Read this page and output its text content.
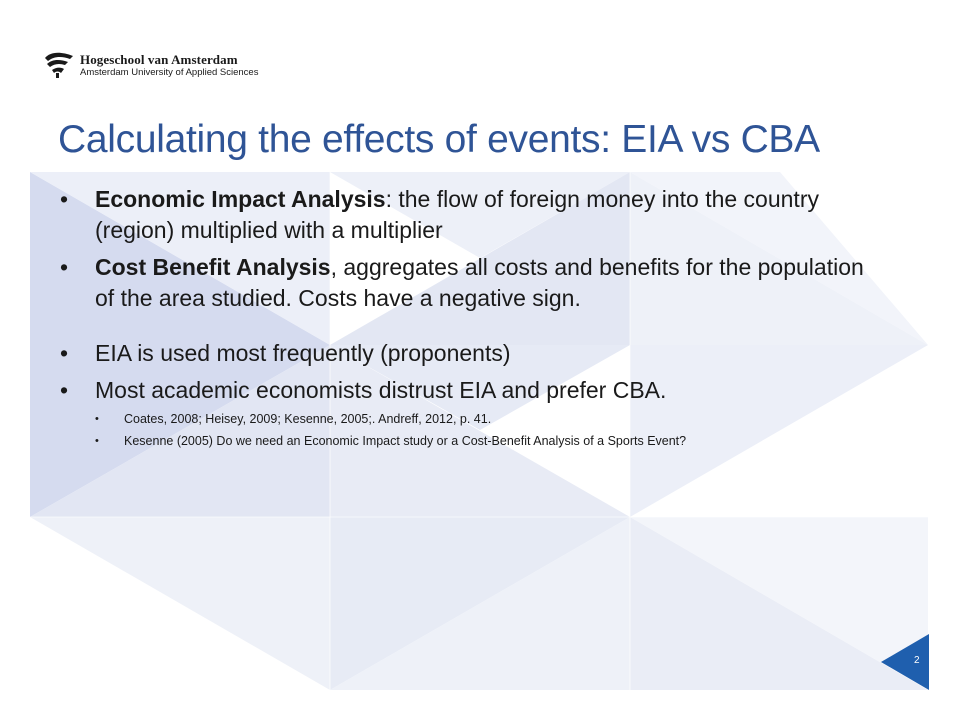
Hogeschool van Amsterdam
Amsterdam University of Applied Sciences
Calculating the effects of events: EIA vs CBA
• Economic Impact Analysis: the flow of foreign money into the country (region) multiplied with a multiplier
• Cost Benefit Analysis, aggregates all costs and benefits for the population of the area studied. Costs have a negative sign.
• EIA is used most frequently (proponents)
• Most academic economists distrust EIA and prefer CBA.
• Coates, 2008; Heisey, 2009; Kesenne, 2005;. Andreff, 2012, p. 41.
• Kesenne (2005) Do we need an Economic Impact study or a Cost-Benefit Analysis of a Sports Event?
2
